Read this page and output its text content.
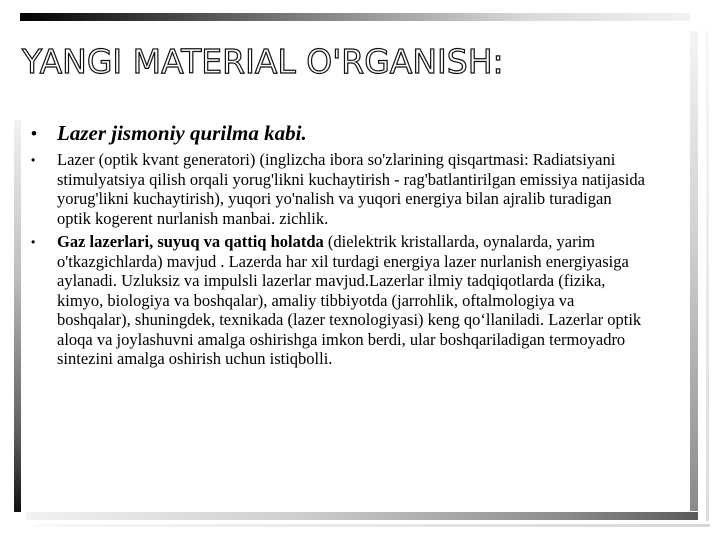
YANGI MATERIAL O'RGANISH:
• Lazer jismoniy qurilma kabi.
• Lazer (optik kvant generatori) (inglizcha ibora so'zlarining qisqartmasi: Radiatsiyani stimulyatsiya qilish orqali yorug'likni kuchaytirish - rag'batlantirilgan emissiya natijasida yorug'likni kuchaytirish), yuqori yo'nalish va yuqori energiya bilan ajralib turadigan optik kogerent nurlanish manbai. zichlik.
• Gaz lazerlari, suyuq va qattiq holatda (dielektrik kristallarda, oynalarda, yarim o'tkazgichlarda) mavjud . Lazerda har xil turdagi energiya lazer nurlanish energiyasiga aylanadi. Uzluksiz va impulsli lazerlar mavjud.Lazerlar ilmiy tadqiqotlarda (fizika, kimyo, biologiya va boshqalar), amaliy tibbiyotda (jarrohlik, oftalmologiya va boshqalar), shuningdek, texnikada (lazer texnologiyasi) keng qo‘llaniladi. Lazerlar optik aloqa va joylashuvni amalga oshirishga imkon berdi, ular boshqariladigan termoyadro sintezini amalga oshirish uchun istiqbolli.
